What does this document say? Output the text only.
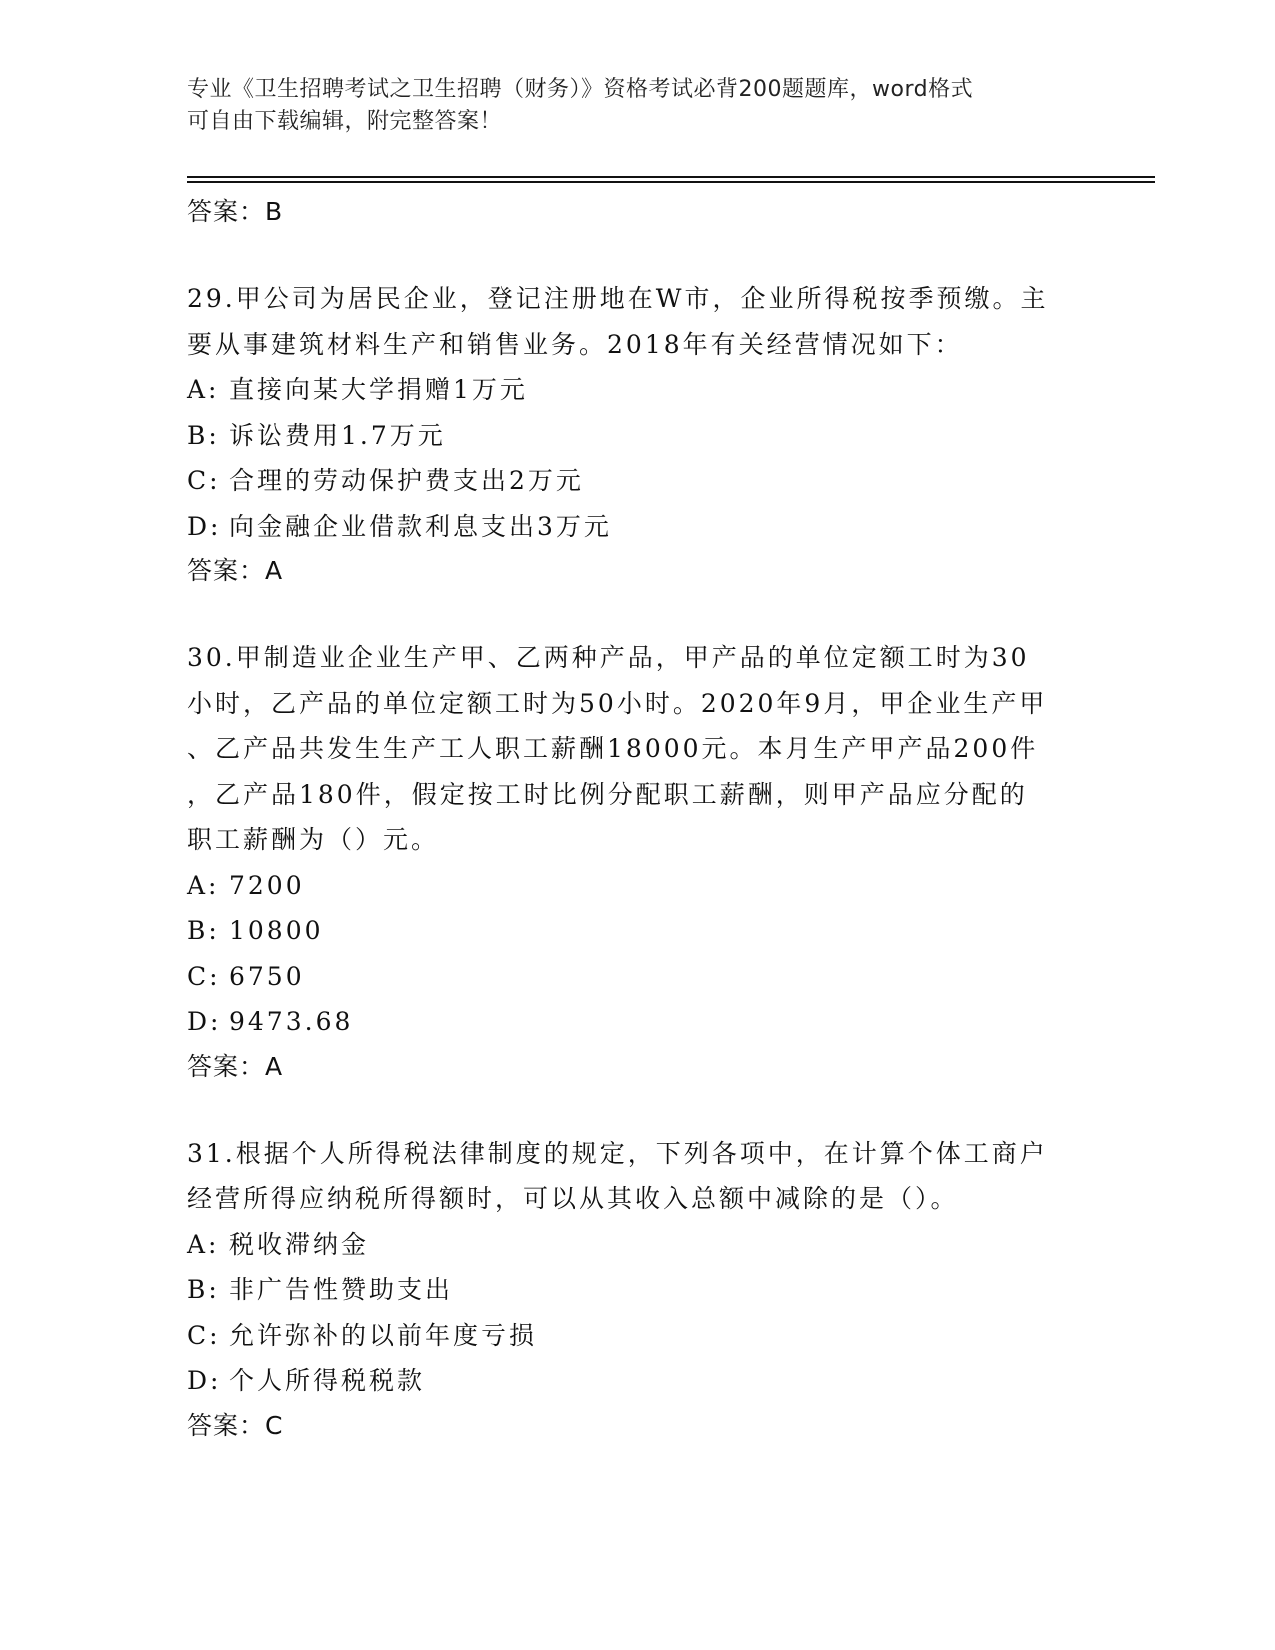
专业《卫生招聘考试之卫生招聘（财务）》资格考试必背200题题库，word格式
可自由下载编辑，附完整答案！
答案：B
29.甲公司为居民企业，登记注册地在W市，企业所得税按季预缴。主
要从事建筑材料生产和销售业务。2018年有关经营情况如下：
A: 直接向某大学捐赠1万元
B: 诉讼费用1.7万元
C: 合理的劳动保护费支出2万元
D: 向金融企业借款利息支出3万元
答案：A
30.甲制造业企业生产甲、乙两种产品，甲产品的单位定额工时为30
小时，乙产品的单位定额工时为50小时。2020年9月，甲企业生产甲
、乙产品共发生生产工人职工薪酬18000元。本月生产甲产品200件
，乙产品180件，假定按工时比例分配职工薪酬，则甲产品应分配的
职工薪酬为（）元。
A: 7200
B: 10800
C: 6750
D: 9473.68
答案：A
31.根据个人所得税法律制度的规定，下列各项中，在计算个体工商户
经营所得应纳税所得额时，可以从其收入总额中减除的是（）。
A: 税收滞纳金
B: 非广告性赞助支出
C: 允许弥补的以前年度亏损
D: 个人所得税税款
答案：C
